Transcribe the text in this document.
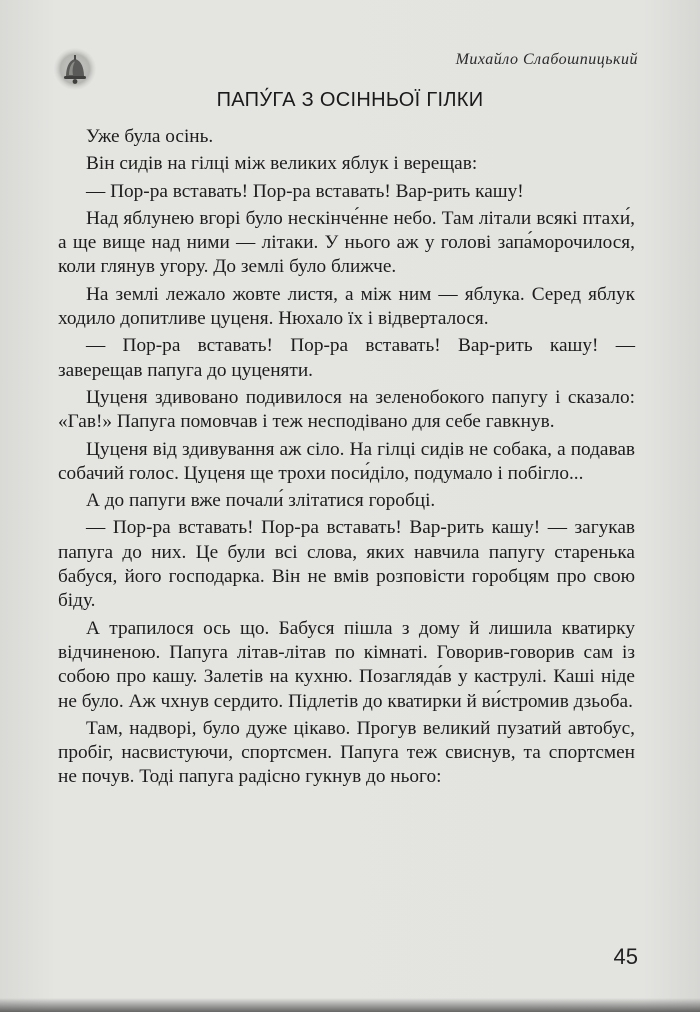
Михайло Слабошпицький
ПАПУ́ГА З ОСІННЬОЇ ГІЛКИ

Уже була осінь.

Він сидів на гілці між великих яблук і верещав:

— Пор-ра вставать! Пор-ра вставать! Вар-рить кашу!

Над яблунею вгорі було нескінче́нне небо. Там літали всякі птахи́, а ще вище над ними — літаки. У нього аж у голові запа́морочилося, коли глянув угору. До землі було ближче.

На землі лежало жовте листя, а між ним — яблука. Серед яблук ходило допитливе цуценя. Нюхало їх і відверталося.

— Пор-ра вставать! Пор-ра вставать! Вар-рить кашу! — заверещав папуга до цуценяти.

Цуценя здивовано подивилося на зеленобокого папугу і сказало: «Гав!» Папуга помовчав і теж несподівано для себе гавкнув.

Цуценя від здивування аж сіло. На гілці сидів не собака, а подавав собачий голос. Цуценя ще трохи поси́діло, подумало і побігло...

А до папуги вже почали́ злітатися горобці.

— Пор-ра вставать! Пор-ра вставать! Вар-рить кашу! — загукав папуга до них. Це були всі слова, яких навчила папугу старенька бабуся, його господарка. Він не вмів розповісти горобцям про свою біду.

А трапилося ось що. Бабуся пішла з дому й лишила кватирку відчиненою. Папуга літав-літав по кімнаті. Говорив-говорив сам із собою про кашу. Залетів на кухню. Позагляда́в у каструлі. Каші ніде не було. Аж чхнув сердито. Підлетів до кватирки й ви́стромив дзьоба.

Там, надворі, було дуже цікаво. Прогув великий пузатий автобус, пробіг, насвистуючи, спортсмен. Папуга теж свиснув, та спортсмен не почув. Тоді папуга радісно гукнув до нього:

45
